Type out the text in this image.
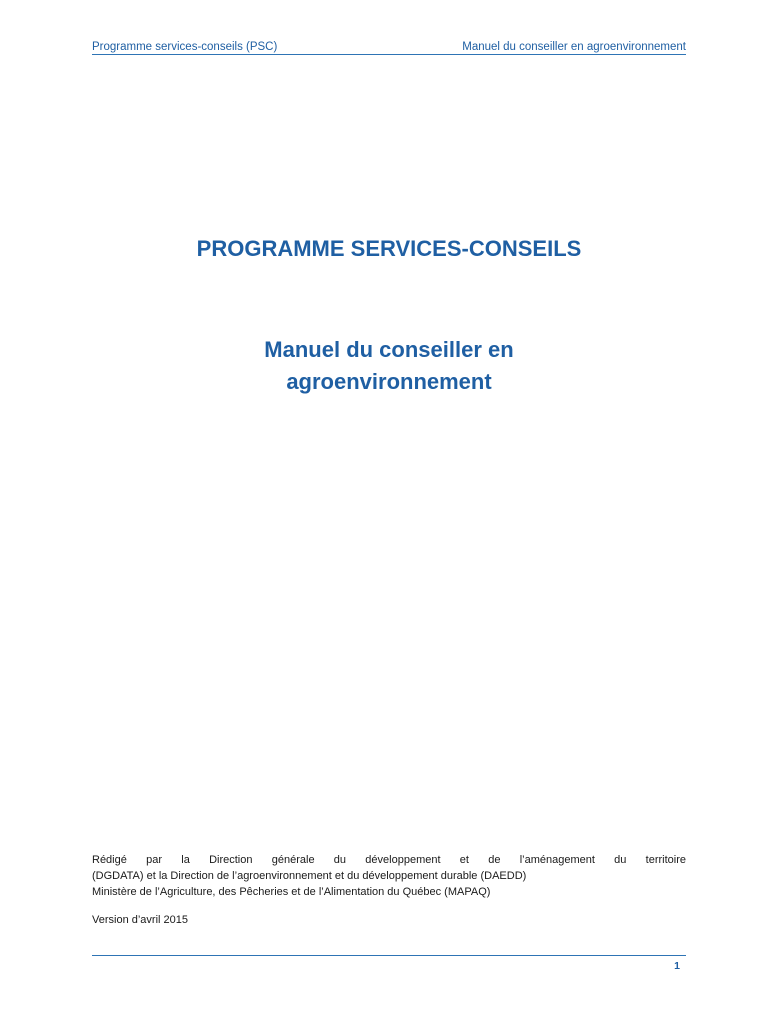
Programme services-conseils (PSC)	Manuel du conseiller en agroenvironnement
PROGRAMME SERVICES-CONSEILS
Manuel du conseiller en
agroenvironnement
Rédigé par la Direction générale du développement et de l’aménagement du territoire
(DGDATA) et la Direction de l’agroenvironnement et du développement durable (DAEDD)
Ministère de l’Agriculture, des Pêcheries et de l’Alimentation du Québec (MAPAQ)
Version d’avril 2015
1
